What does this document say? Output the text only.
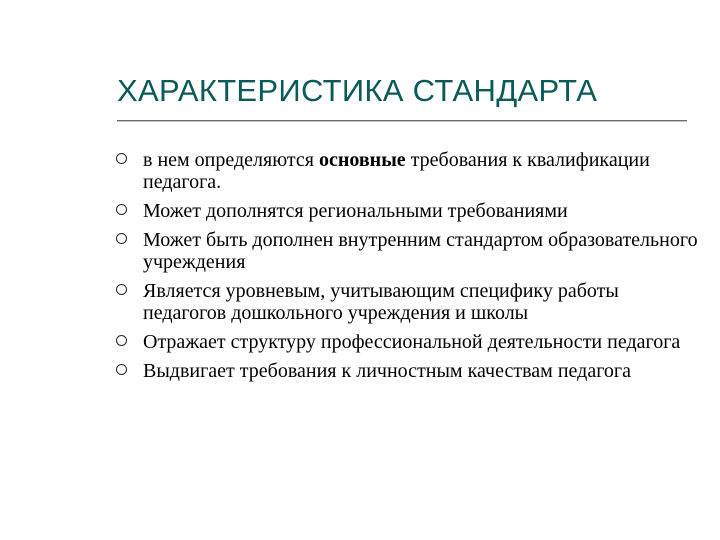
ХАРАКТЕРИСТИКА СТАНДАРТА
в нем определяются основные требования к квалификации педагога.
Может дополнятся региональными требованиями
Может быть дополнен внутренним стандартом образовательного учреждения
Является уровневым, учитывающим специфику работы педагогов дошкольного учреждения и школы
Отражает структуру профессиональной деятельности педагога
Выдвигает требования к личностным качествам педагога
